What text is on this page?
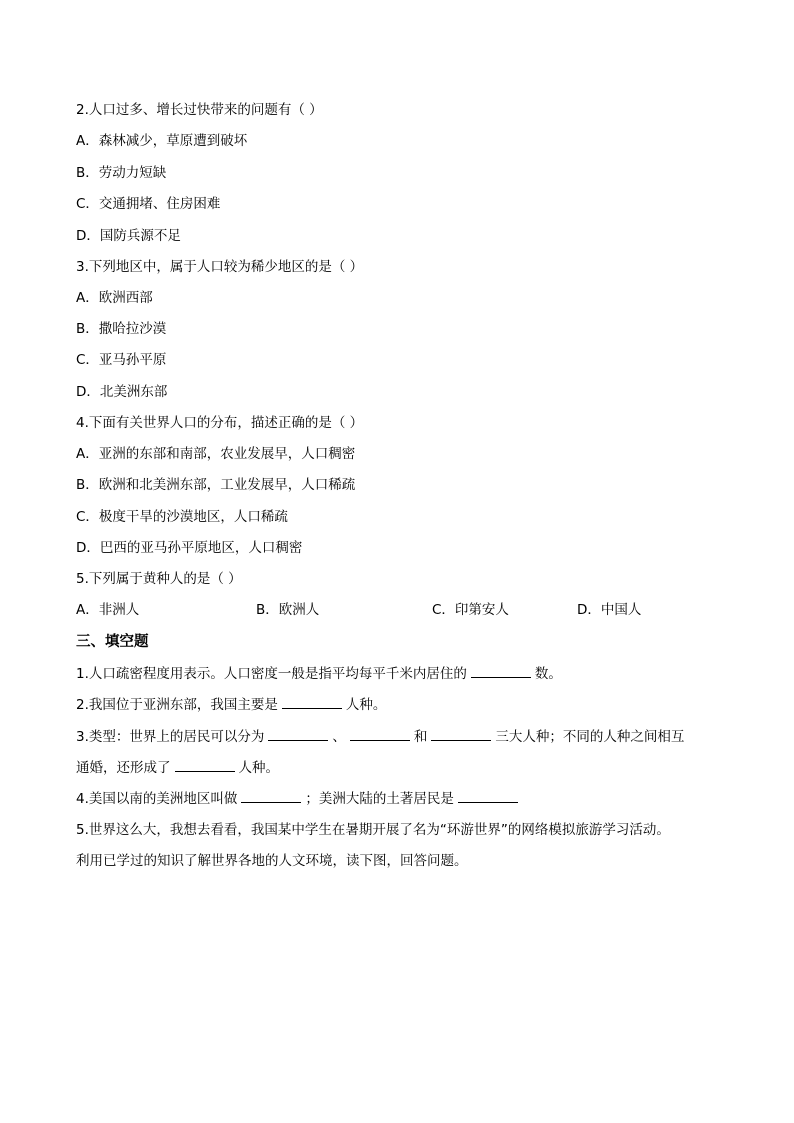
2.人口过多、增长过快带来的问题有（ ）
A．森林减少，草原遭到破坏
B．劳动力短缺
C．交通拥堵、住房困难
D．国防兵源不足
3.下列地区中，属于人口较为稀少地区的是（ ）
A．欧洲西部
B．撒哈拉沙漠
C．亚马孙平原
D．北美洲东部
4.下面有关世界人口的分布，描述正确的是（ ）
A．亚洲的东部和南部，农业发展早，人口稠密
B．欧洲和北美洲东部，工业发展早，人口稀疏
C．极度干旱的沙漠地区，人口稀疏
D．巴西的亚马孙平原地区，人口稠密
5.下列属于黄种人的是（ ）
A．非洲人	B．欧洲人	C．印第安人	D．中国人
三、填空题
1.人口疏密程度用表示。人口密度一般是指平均每平千米内居住的	数。
2.我国位于亚洲东部，我国主要是	人种。
3.类型：世界上的居民可以分为	、	和	三大人种；不同的人种之间相互
通婚，还形成了	人种。
4.美国以南的美洲地区叫做	；美洲大陆的土著居民是
5.世界这么大，我想去看看，我国某中学生在暑期开展了名为“环游世界”的网络模拟旅游学习活动。
利用已学过的知识了解世界各地的人文环境，读下图，回答问题。
